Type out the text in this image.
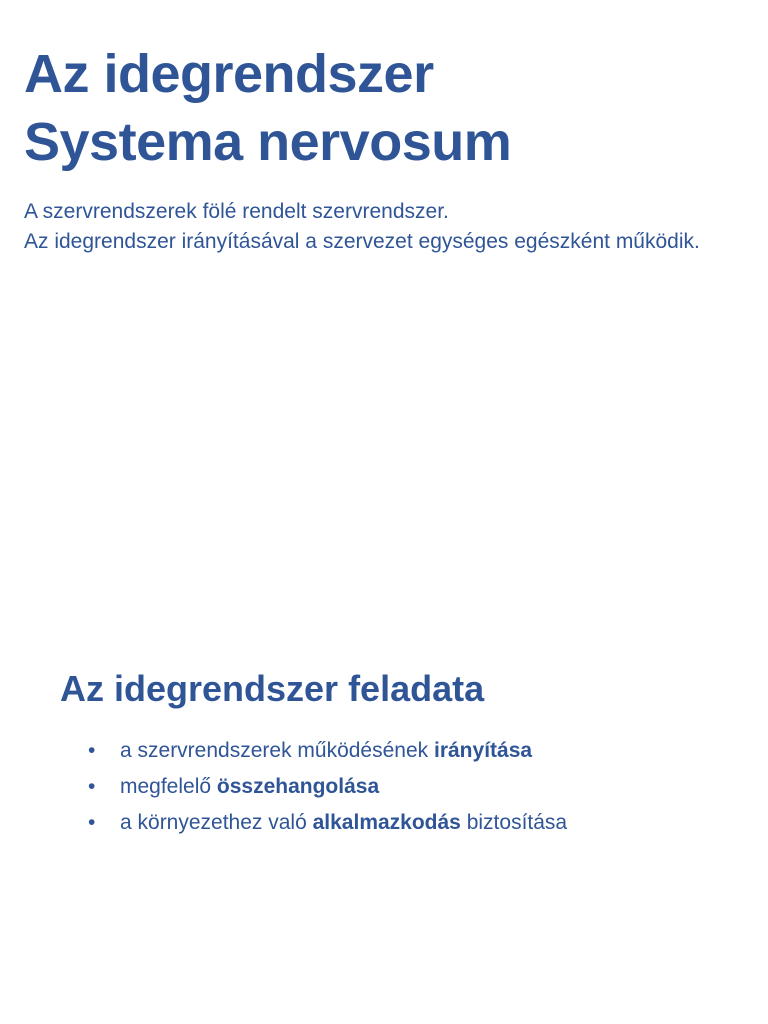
Az idegrendszer
Systema nervosum

A szervrendszerek fölé rendelt szervrendszer.

Az idegrendszer irányításával a szervezet egységes egészként működik.

Az idegrendszer feladata
• a szervrendszerek működésének irányítása
• megfelelő összehangolása
• a környezethez való alkalmazkodás biztosítása
